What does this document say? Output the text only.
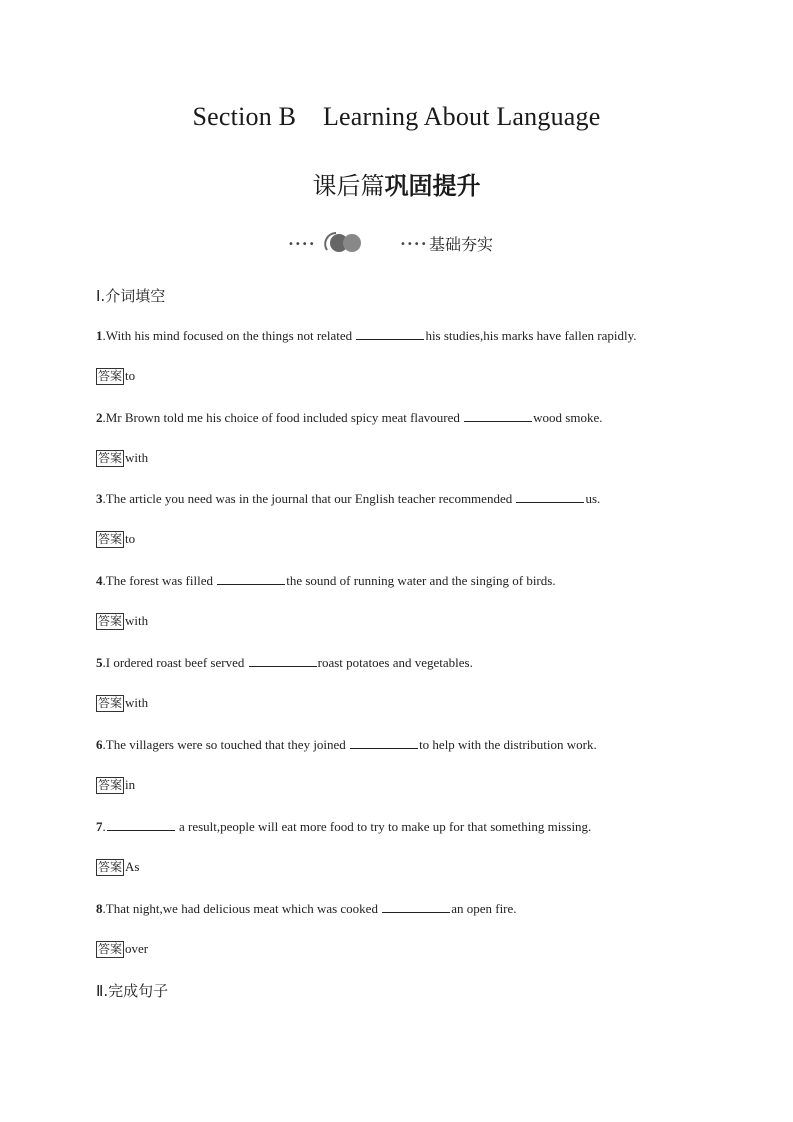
Section B    Learning About Language
课后篇巩固提升
••••	•••• 基础夯实
Ⅰ.介词填空
1.With his mind focused on the things not related	his studies,his marks have fallen rapidly.
答案 to
2.Mr Brown told me his choice of food included spicy meat flavoured	wood smoke.
答案 with
3.The article you need was in the journal that our English teacher recommended	us.
答案 to
4.The forest was filled	the sound of running water and the singing of birds.
答案 with
5.I ordered roast beef served	roast potatoes and vegetables.
答案 with
6.The villagers were so touched that they joined	to help with the distribution work.
答案 in
7.	a result,people will eat more food to try to make up for that something missing.
答案 As
8.That night,we had delicious meat which was cooked	an open fire.
答案 over
Ⅱ.完成句子
